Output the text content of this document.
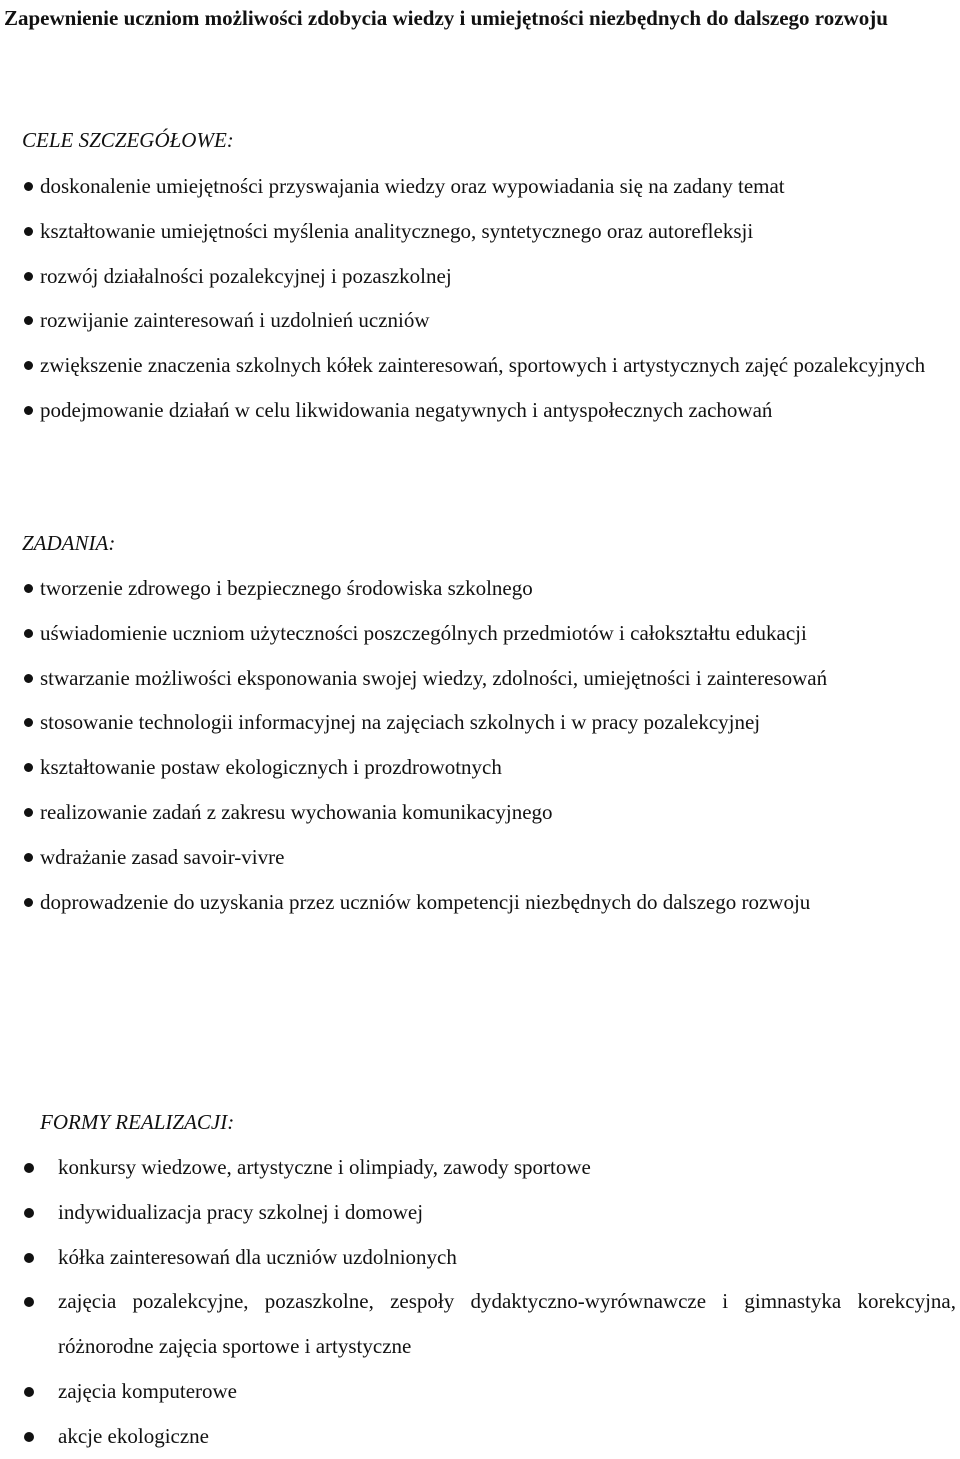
Zapewnienie uczniom możliwości zdobycia wiedzy i umiejętności niezbędnych do dalszego rozwoju
CELE SZCZEGÓŁOWE:
doskonalenie umiejętności przyswajania wiedzy oraz wypowiadania się na zadany temat
kształtowanie umiejętności myślenia analitycznego, syntetycznego oraz autorefleksji
rozwój działalności pozalekcyjnej i pozaszkolnej
rozwijanie zainteresowań i uzdolnień uczniów
zwiększenie znaczenia szkolnych kółek zainteresowań, sportowych i artystycznych zajęć pozalekcyjnych
podejmowanie działań w celu likwidowania negatywnych i antyspołecznych zachowań
ZADANIA:
tworzenie zdrowego i bezpiecznego środowiska szkolnego
uświadomienie uczniom użyteczności poszczególnych przedmiotów i całokształtu edukacji
stwarzanie możliwości eksponowania swojej wiedzy, zdolności, umiejętności i zainteresowań
stosowanie technologii informacyjnej na zajęciach szkolnych i w pracy pozalekcyjnej
kształtowanie postaw ekologicznych i prozdrowotnych
realizowanie zadań z zakresu wychowania komunikacyjnego
wdrażanie zasad savoir-vivre
doprowadzenie do uzyskania przez uczniów kompetencji niezbędnych do dalszego rozwoju
FORMY REALIZACJI:
konkursy wiedzowe, artystyczne i olimpiady, zawody sportowe
indywidualizacja pracy szkolnej i domowej
kółka zainteresowań dla uczniów uzdolnionych
zajęcia pozalekcyjne, pozaszkolne, zespoły dydaktyczno-wyrównawcze i gimnastyka korekcyjna, różnorodne zajęcia sportowe i artystyczne
zajęcia komputerowe
akcje ekologiczne
